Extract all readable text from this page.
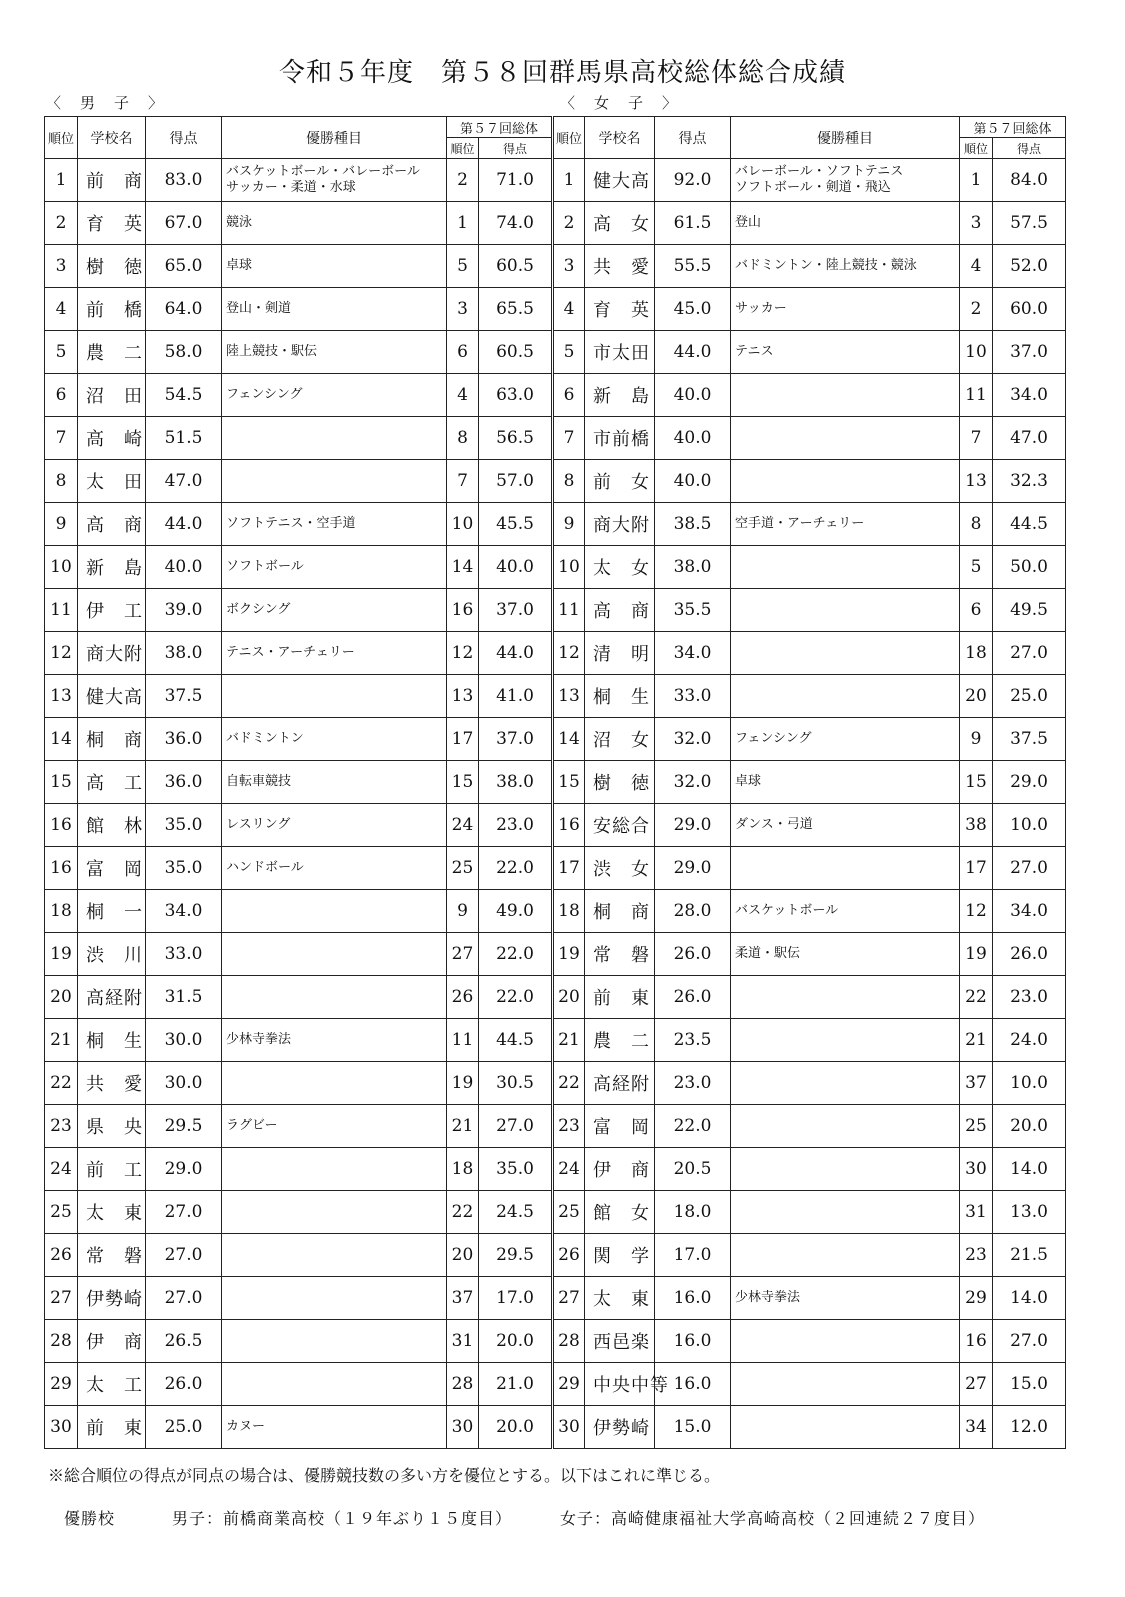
令和５年度　第５８回群馬県高校総体総合成績
〈　男　子　〉	〈　女　子　〉
順位	学校名	得点	優勝種目	第５７回総体	
				順位	得点
1	前　商	83.0	バスケットボール・バレーボール
サッカー・柔道・水球	2	71.0
2	育　英	67.0	競泳	1	74.0
3	樹　徳	65.0	卓球	5	60.5
4	前　橋	64.0	登山・剣道	3	65.5
5	農　二	58.0	陸上競技・駅伝	6	60.5
6	沼　田	54.5	フェンシング	4	63.0
7	高　崎	51.5		8	56.5
8	太　田	47.0		7	57.0
9	高　商	44.0	ソフトテニス・空手道	10	45.5
10	新　島	40.0	ソフトボール	14	40.0
11	伊　工	39.0	ボクシング	16	37.0
12	商大附	38.0	テニス・アーチェリー	12	44.0
13	健大高	37.5		13	41.0
14	桐　商	36.0	バドミントン	17	37.0
15	高　工	36.0	自転車競技	15	38.0
16	館　林	35.0	レスリング	24	23.0
16	富　岡	35.0	ハンドボール	25	22.0
18	桐　一	34.0		9	49.0
19	渋　川	33.0		27	22.0
20	高経附	31.5		26	22.0
21	桐　生	30.0	少林寺拳法	11	44.5
22	共　愛	30.0		19	30.5
23	県　央	29.5	ラグビー	21	27.0
24	前　工	29.0		18	35.0
25	太　東	27.0		22	24.5
26	常　磐	27.0		20	29.5
27	伊勢崎	27.0		37	17.0
28	伊　商	26.5		31	20.0
29	太　工	26.0		28	21.0
30	前　東	25.0	カヌー	30	20.0
順位	学校名	得点	優勝種目	第５７回総体	
				順位	得点
1	健大高	92.0	バレーボール・ソフトテニス
ソフトボール・剣道・飛込	1	84.0
2	高　女	61.5	登山	3	57.5
3	共　愛	55.5	バドミントン・陸上競技・競泳	4	52.0
4	育　英	45.0	サッカー	2	60.0
5	市太田	44.0	テニス	10	37.0
6	新　島	40.0		11	34.0
7	市前橋	40.0		7	47.0
8	前　女	40.0		13	32.3
9	商大附	38.5	空手道・アーチェリー	8	44.5
10	太　女	38.0		5	50.0
11	高　商	35.5		6	49.5
12	清　明	34.0		18	27.0
13	桐　生	33.0		20	25.0
14	沼　女	32.0	フェンシング	9	37.5
15	樹　徳	32.0	卓球	15	29.0
16	安総合	29.0	ダンス・弓道	38	10.0
17	渋　女	29.0		17	27.0
18	桐　商	28.0	バスケットボール	12	34.0
19	常　磐	26.0	柔道・駅伝	19	26.0
20	前　東	26.0		22	23.0
21	農　二	23.5		21	24.0
22	高経附	23.0		37	10.0
23	富　岡	22.0		25	20.0
24	伊　商	20.5		30	14.0
25	館　女	18.0		31	13.0
26	関　学	17.0		23	21.5
27	太　東	16.0	少林寺拳法	29	14.0
28	西邑楽	16.0		16	27.0
29	中央中等	16.0		27	15.0
30	伊勢崎	15.0		34	12.0
※総合順位の得点が同点の場合は、優勝競技数の多い方を優位とする。以下はこれに準じる。
優勝校	男子：前橋商業高校（１９年ぶり１５度目）	女子：高崎健康福祉大学高崎高校（２回連続２７度目）
